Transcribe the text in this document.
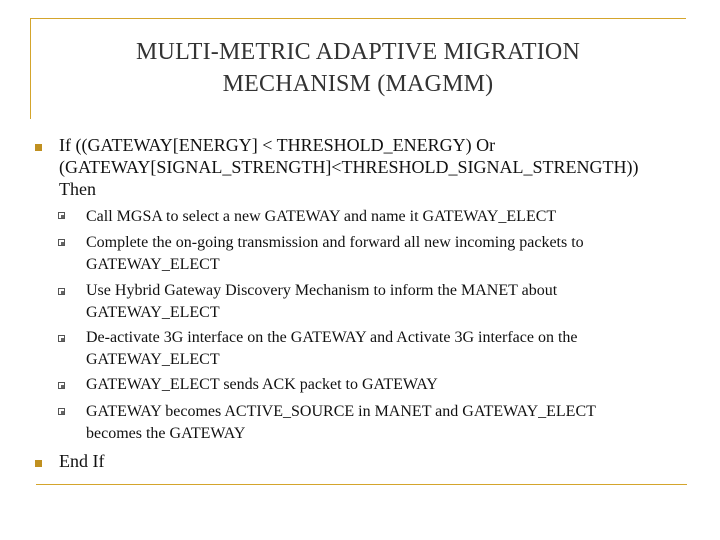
MULTI-METRIC ADAPTIVE MIGRATION
MECHANISM (MAGMM)
If ((GATEWAY[ENERGY] < THRESHOLD_ENERGY) Or
(GATEWAY[SIGNAL_STRENGTH]<THRESHOLD_SIGNAL_STRENGTH))
Then
Call MGSA to select a new GATEWAY and name it GATEWAY_ELECT
Complete the on-going transmission and forward all new incoming packets to
GATEWAY_ELECT
Use Hybrid Gateway Discovery Mechanism to inform the MANET about
GATEWAY_ELECT
De-activate 3G interface on the GATEWAY and Activate 3G interface on the
GATEWAY_ELECT
GATEWAY_ELECT sends ACK packet to GATEWAY
GATEWAY becomes ACTIVE_SOURCE in MANET and GATEWAY_ELECT
becomes the GATEWAY
End If
